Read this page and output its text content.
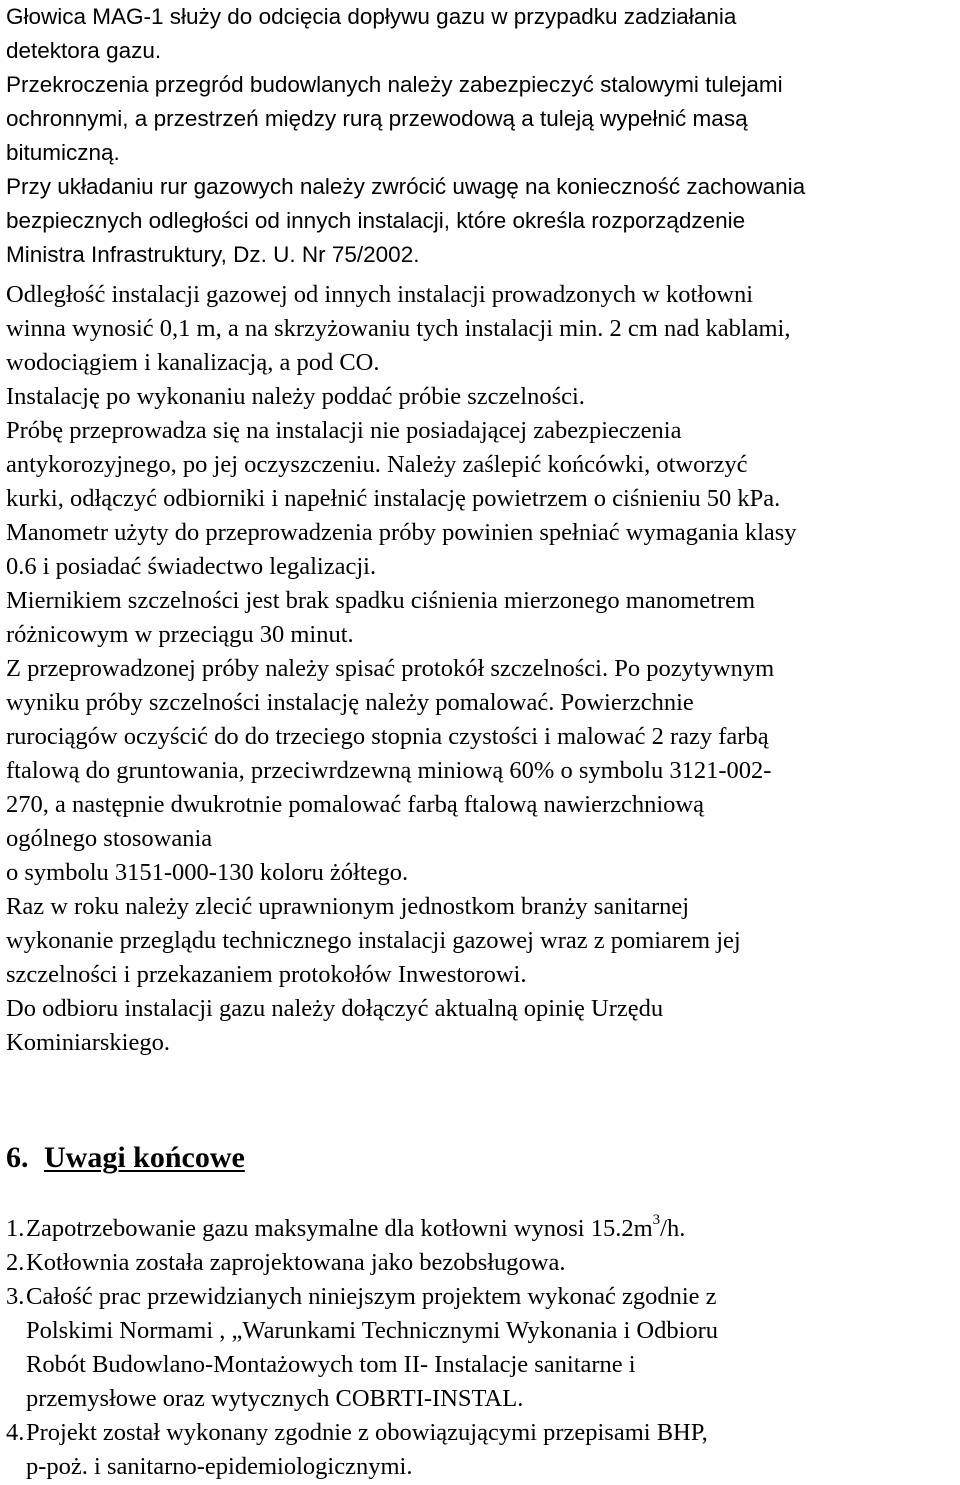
Głowica MAG-1 służy do odcięcia dopływu gazu w przypadku zadziałania
detektora gazu.
Przekroczenia przegród budowlanych należy zabezpieczyć stalowymi tulejami
ochronnymi, a przestrzeń między rurą przewodową a tuleją wypełnić masą
bitumiczną.
Przy układaniu rur gazowych należy zwrócić uwagę na konieczność zachowania
bezpiecznych odległości od innych instalacji, które określa rozporządzenie
Ministra Infrastruktury, Dz. U. Nr 75/2002.
Odległość instalacji gazowej od innych instalacji prowadzonych w kotłowni
winna wynosić 0,1 m, a na skrzyżowaniu tych instalacji min. 2 cm nad kablami,
wodociągiem i kanalizacją, a pod CO.
Instalację po wykonaniu należy poddać próbie szczelności.
Próbę przeprowadza się na instalacji nie posiadającej zabezpieczenia
antykorozyjnego, po jej oczyszczeniu. Należy zaślepić końcówki, otworzyć
kurki, odłączyć odbiorniki i napełnić instalację powietrzem o ciśnieniu 50 kPa.
Manometr użyty do przeprowadzenia próby powinien spełniać wymagania klasy
0.6 i posiadać świadectwo legalizacji.
Miernikiem szczelności jest brak spadku ciśnienia mierzonego manometrem
różnicowym w przeciągu 30 minut.
Z przeprowadzonej próby należy spisać protokół szczelności. Po pozytywnym
wyniku próby szczelności instalację należy pomalować. Powierzchnie
rurociągów oczyścić do do trzeciego stopnia czystości i malować 2 razy farbą
ftalową do gruntowania, przeciwrdzewną miniową 60% o symbolu 3121-002-
270, a następnie dwukrotnie pomalować farbą ftalową nawierzchniową
ogólnego stosowania
o symbolu 3151-000-130 koloru żółtego.
Raz w roku należy zlecić uprawnionym jednostkom branży sanitarnej
wykonanie przeglądu technicznego instalacji gazowej wraz z pomiarem jej
szczelności i przekazaniem protokołów Inwestorowi.
Do odbioru instalacji gazu należy dołączyć aktualną opinię Urzędu
Kominiarskiego.
6. Uwagi końcowe
1. Zapotrzebowanie gazu maksymalne dla kotłowni wynosi $15.2m^3/h$.
2. Kotłownia została zaprojektowana jako bezobsługowa.
3. Całość prac przewidzianych niniejszym projektem wykonać zgodnie z
Polskimi Normami , „Warunkami Technicznymi Wykonania i Odbioru
Robót Budowlano-Montażowych tom II- Instalacje sanitarne i
przemysłowe oraz wytycznych COBRTI-INSTAL.
4. Projekt został wykonany zgodnie z obowiązującymi przepisami BHP,
p-poż. i sanitarno-epidemiologicznymi.
